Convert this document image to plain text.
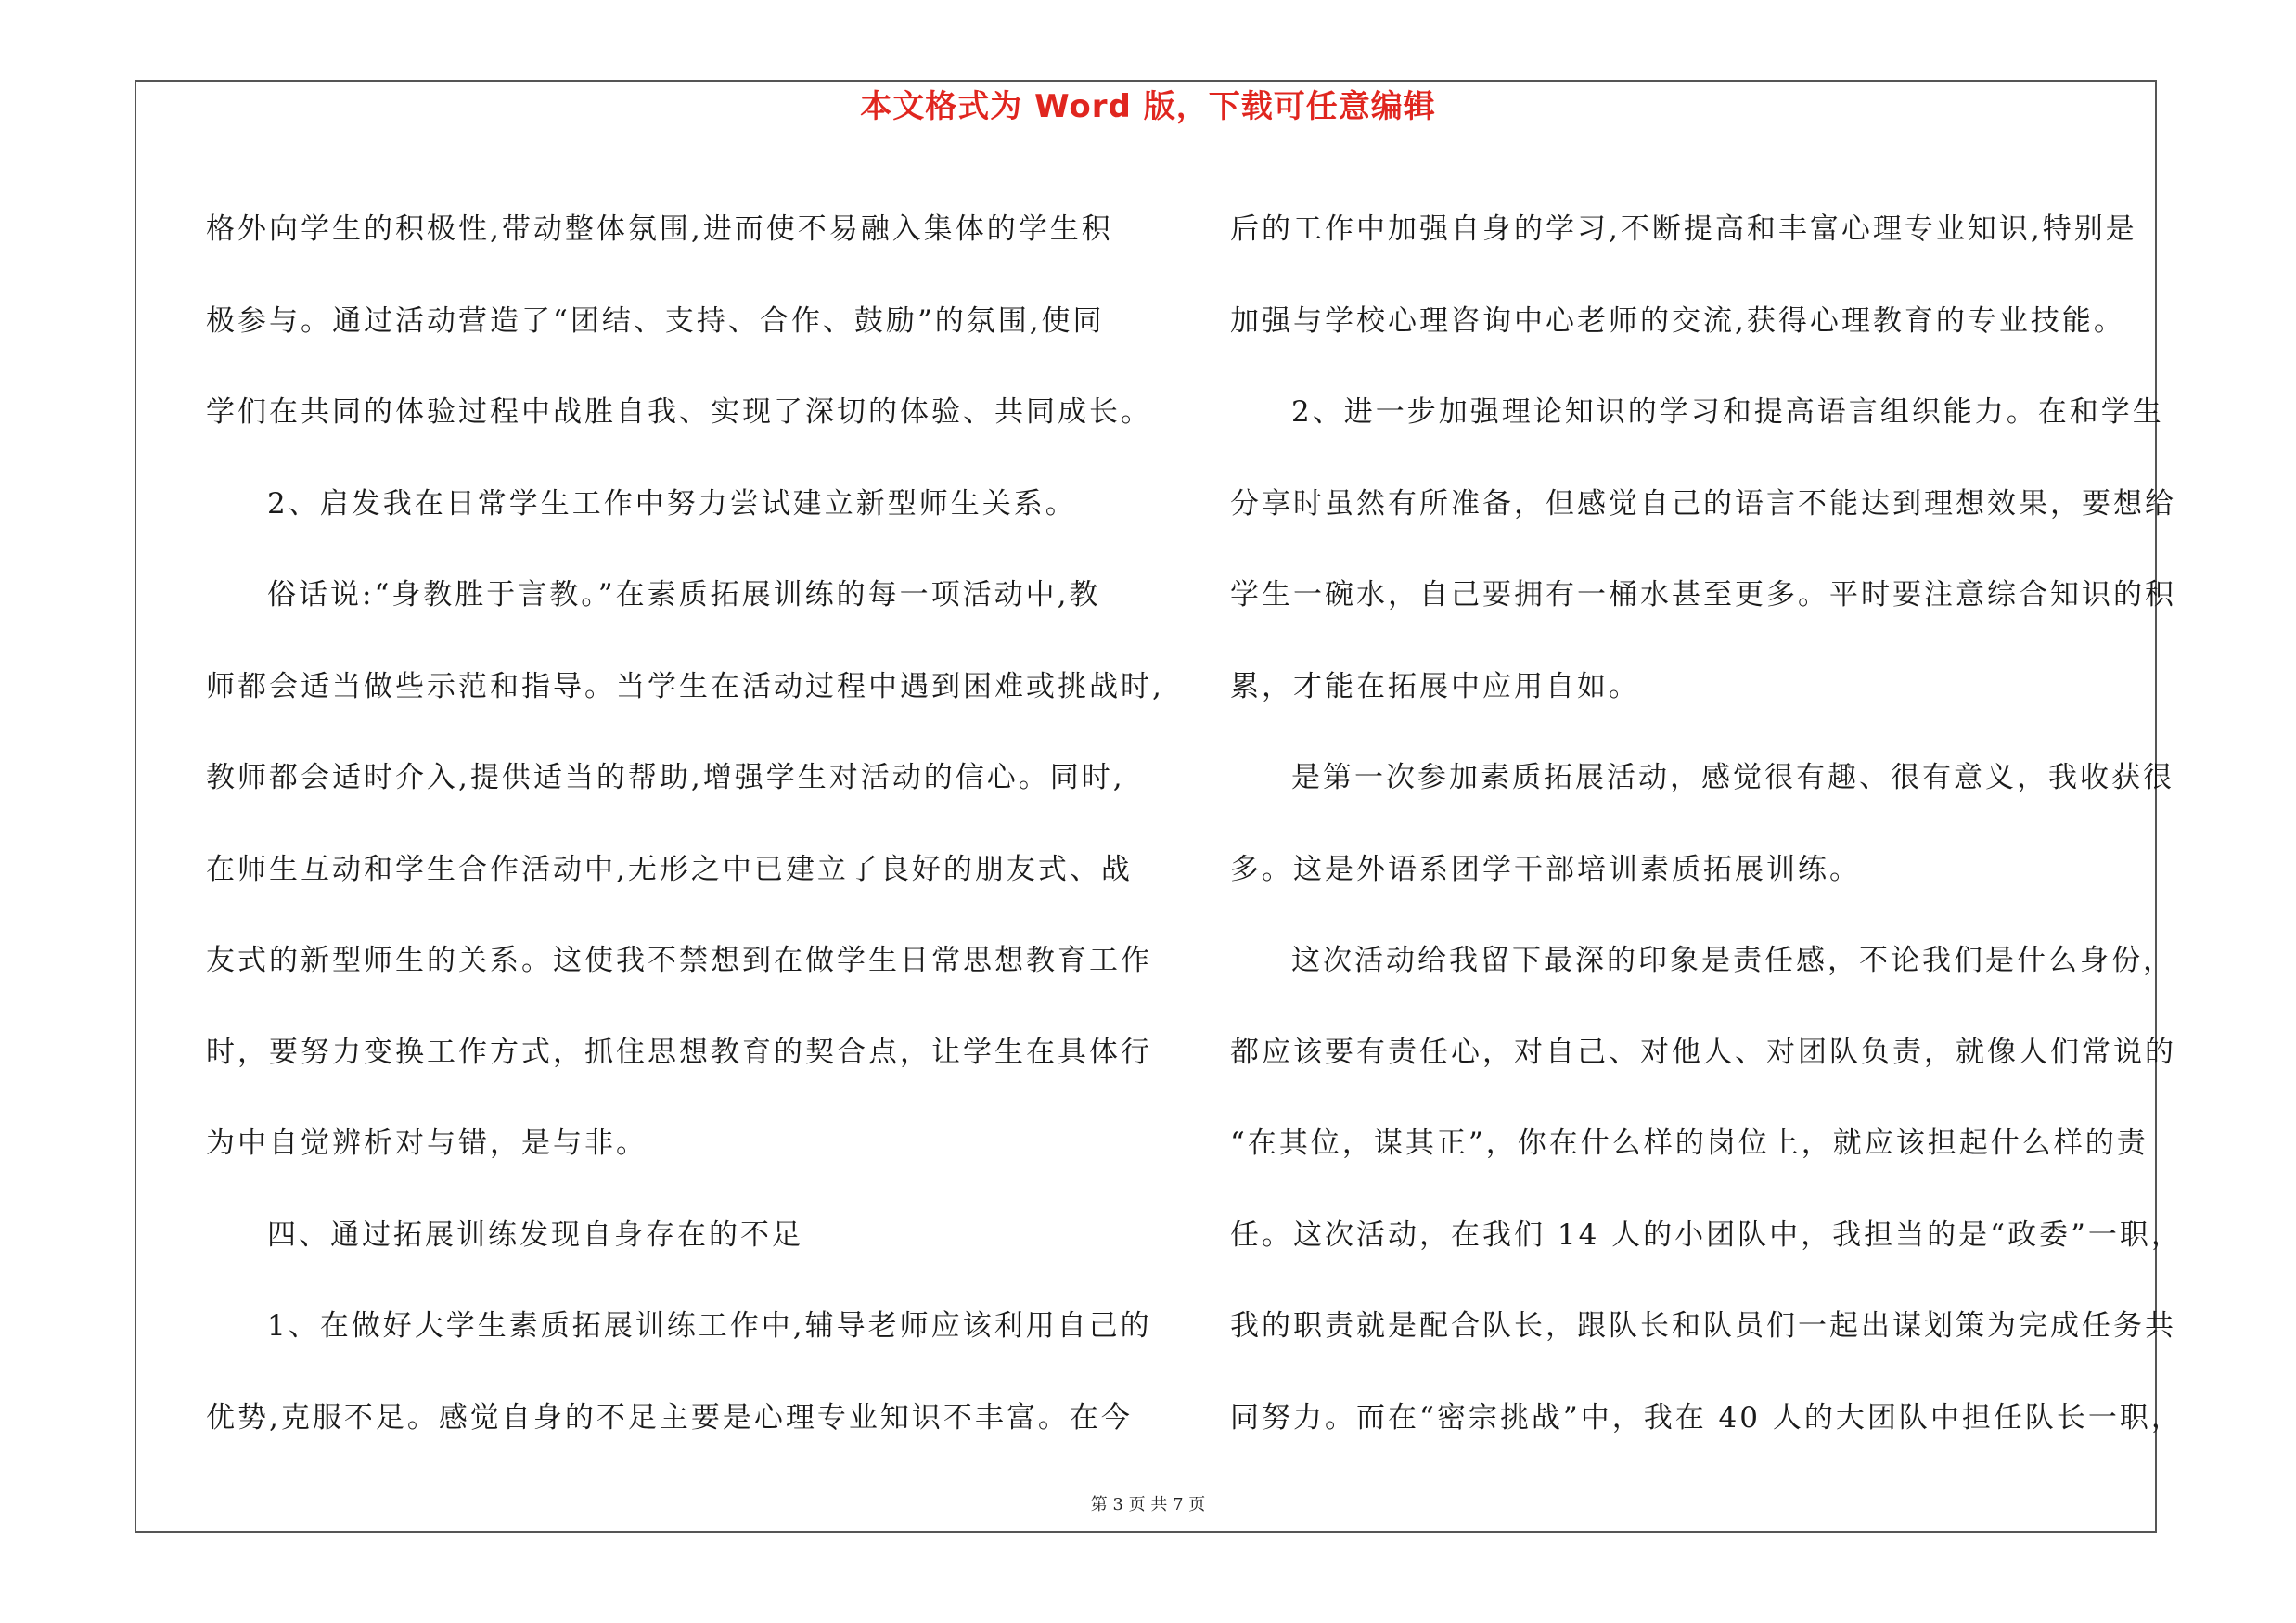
本文格式为 Word 版，下载可任意编辑

格外向学生的积极性,带动整体氛围,进而使不易融入集体的学生积

极参与。通过活动营造了“团结、支持、合作、鼓励”的氛围,使同

学们在共同的体验过程中战胜自我、实现了深切的体验、共同成长。

2、启发我在日常学生工作中努力尝试建立新型师生关系。

俗话说:“身教胜于言教。”在素质拓展训练的每一项活动中,教

师都会适当做些示范和指导。当学生在活动过程中遇到困难或挑战时,

教师都会适时介入,提供适当的帮助,增强学生对活动的信心。同时,

在师生互动和学生合作活动中,无形之中已建立了良好的朋友式、战

友式的新型师生的关系。这使我不禁想到在做学生日常思想教育工作

时，要努力变换工作方式，抓住思想教育的契合点，让学生在具体行

为中自觉辨析对与错，是与非。

四、通过拓展训练发现自身存在的不足

1、在做好大学生素质拓展训练工作中,辅导老师应该利用自己的

优势,克服不足。感觉自身的不足主要是心理专业知识不丰富。在今

后的工作中加强自身的学习,不断提高和丰富心理专业知识,特别是

加强与学校心理咨询中心老师的交流,获得心理教育的专业技能。

2、进一步加强理论知识的学习和提高语言组织能力。在和学生

分享时虽然有所准备，但感觉自己的语言不能达到理想效果，要想给

学生一碗水，自己要拥有一桶水甚至更多。平时要注意综合知识的积

累，才能在拓展中应用自如。

是第一次参加素质拓展活动，感觉很有趣、很有意义，我收获很

多。这是外语系团学干部培训素质拓展训练。

这次活动给我留下最深的印象是责任感，不论我们是什么身份，

都应该要有责任心，对自己、对他人、对团队负责，就像人们常说的

“在其位，谋其正”，你在什么样的岗位上，就应该担起什么样的责

任。这次活动，在我们 14 人的小团队中，我担当的是“政委”一职，

我的职责就是配合队长，跟队长和队员们一起出谋划策为完成任务共

同努力。而在“密宗挑战”中，我在 40 人的大团队中担任队长一职，

第 3 页 共 7 页
